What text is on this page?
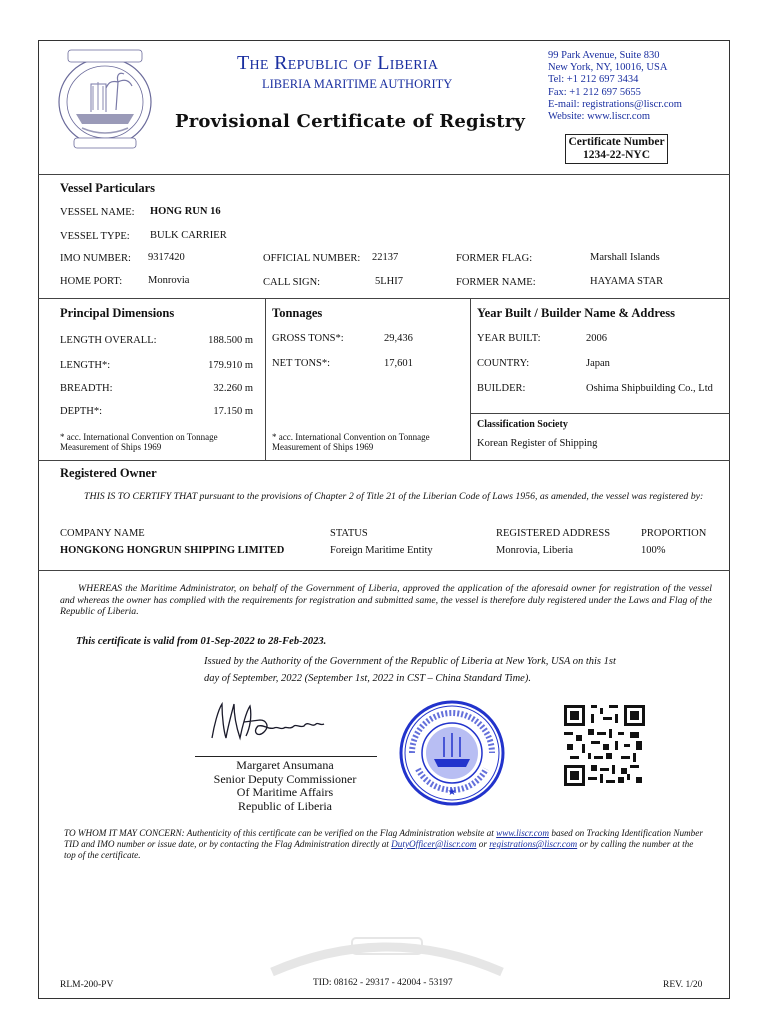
The Republic of Liberia
LIBERIA MARITIME AUTHORITY
Provisional Certificate of Registry
99 Park Avenue, Suite 830
New York, NY, 10016, USA
Tel: +1 212 697 3434
Fax: +1 212 697 5655
E-mail: registrations@liscr.com
Website: www.liscr.com
Certificate Number
1234-22-NYC
Vessel Particulars
VESSEL NAME: HONG RUN 16
VESSEL TYPE: BULK CARRIER
IMO NUMBER: 9317420	OFFICIAL NUMBER: 22137	FORMER FLAG:	Marshall Islands
HOME PORT: Monrovia	CALL SIGN:	5LHI7	FORMER NAME:	HAYAMA STAR
Principal Dimensions
LENGTH OVERALL:	188.500 m
LENGTH*:	179.910 m
BREADTH:	32.260 m
DEPTH*:	17.150 m
* acc. International Convention on Tonnage Measurement of Ships 1969
Tonnages
GROSS TONS*:	29,436
NET TONS*:	17,601
* acc. International Convention on Tonnage Measurement of Ships 1969
Year Built / Builder Name & Address
YEAR BUILT:	2006
COUNTRY:	Japan
BUILDER:	Oshima Shipbuilding Co., Ltd
Classification Society
Korean Register of Shipping
Registered Owner
THIS IS TO CERTIFY THAT pursuant to the provisions of Chapter 2 of Title 21 of the Liberian Code of Laws 1956, as amended, the vessel was registered by:
COMPANY NAME	STATUS	REGISTERED ADDRESS	PROPORTION
HONGKONG HONGRUN SHIPPING LIMITED	Foreign Maritime Entity	Monrovia, Liberia	100%
WHEREAS the Maritime Administrator, on behalf of the Government of Liberia, approved the application of the aforesaid owner for registration of the vessel and whereas the owner has complied with the requirements for registration and submitted same, the vessel is therefore duly registered under the Laws and Flag of the Republic of Liberia.
This certificate is valid from 01-Sep-2022 to 28-Feb-2023.
Issued by the Authority of the Government of the Republic of Liberia at New York, USA on this 1st
day of September, 2022 (September 1st, 2022 in CST – China Standard Time).
Margaret Ansumana
Senior Deputy Commissioner
Of Maritime Affairs
Republic of Liberia
★
TO WHOM IT MAY CONCERN: Authenticity of this certificate can be verified on the Flag Administration website at www.liscr.com based on Tracking Identification Number TID and IMO number or issue date, or by contacting the Flag Administration directly at DutyOfficer@liscr.com or registrations@liscr.com or by calling the number at the top of the certificate.
RLM-200-PV	TID: 08162 - 29317 - 42004 - 53197	REV. 1/20
